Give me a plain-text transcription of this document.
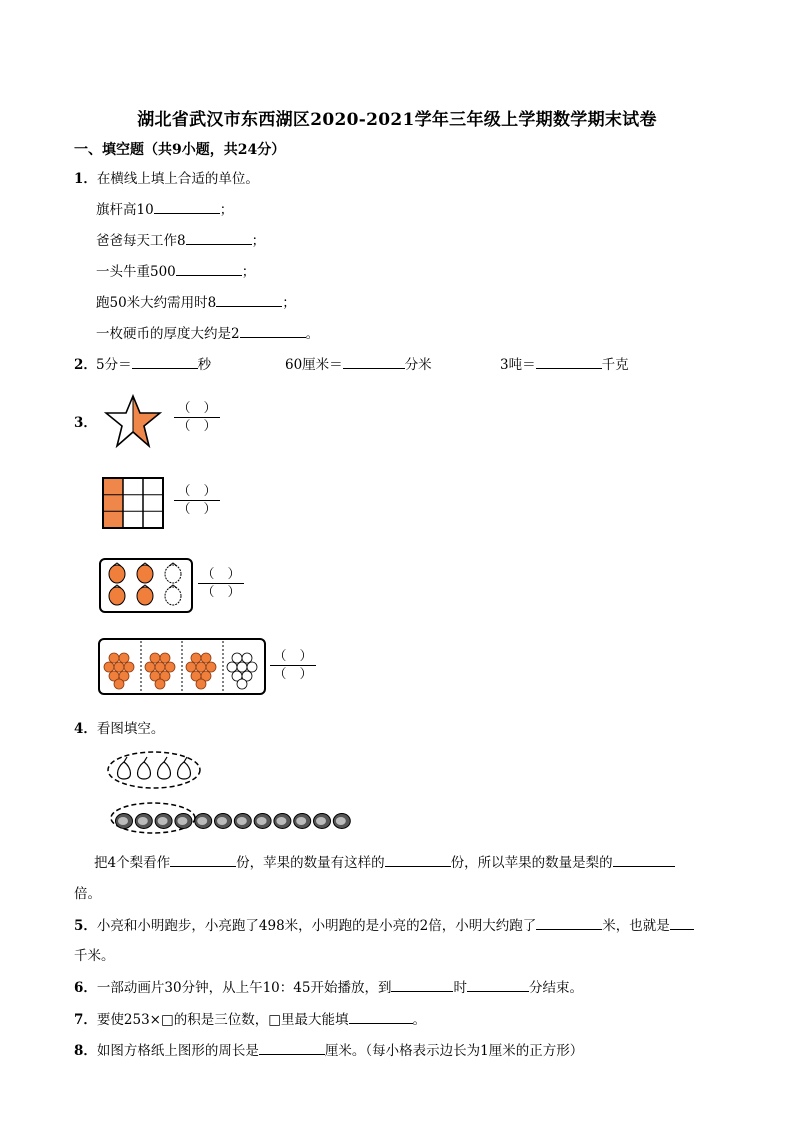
湖北省武汉市东西湖区2020-2021学年三年级上学期数学期末试卷
一、填空题（共9小题，共24分）
1．在横线上填上合适的单位。
旗杆高10	；
爸爸每天工作8	；
一头牛重500	；
跑50米大约需用时8	；
一枚硬币的厚度大约是2	。
2． 5分＝	秒	60厘米＝	分米	3吨＝	千克
3．
（　）
（　）
（　）
（　）
（　）
（　）
（　）
（　）
4．看图填空。
把4个梨看作	份，苹果的数量有这样的	份，所以苹果的数量是梨的
倍。
5．小亮和小明跑步，小亮跑了498米，小明跑的是小亮的2倍，小明大约跑了	米，也就是
千米。
6．一部动画片30分钟，从上午10：45开始播放，到	时	分结束。
7．要使253×□的积是三位数，□里最大能填	。
8．如图方格纸上图形的周长是	厘米。（每小格表示边长为1厘米的正方形）
